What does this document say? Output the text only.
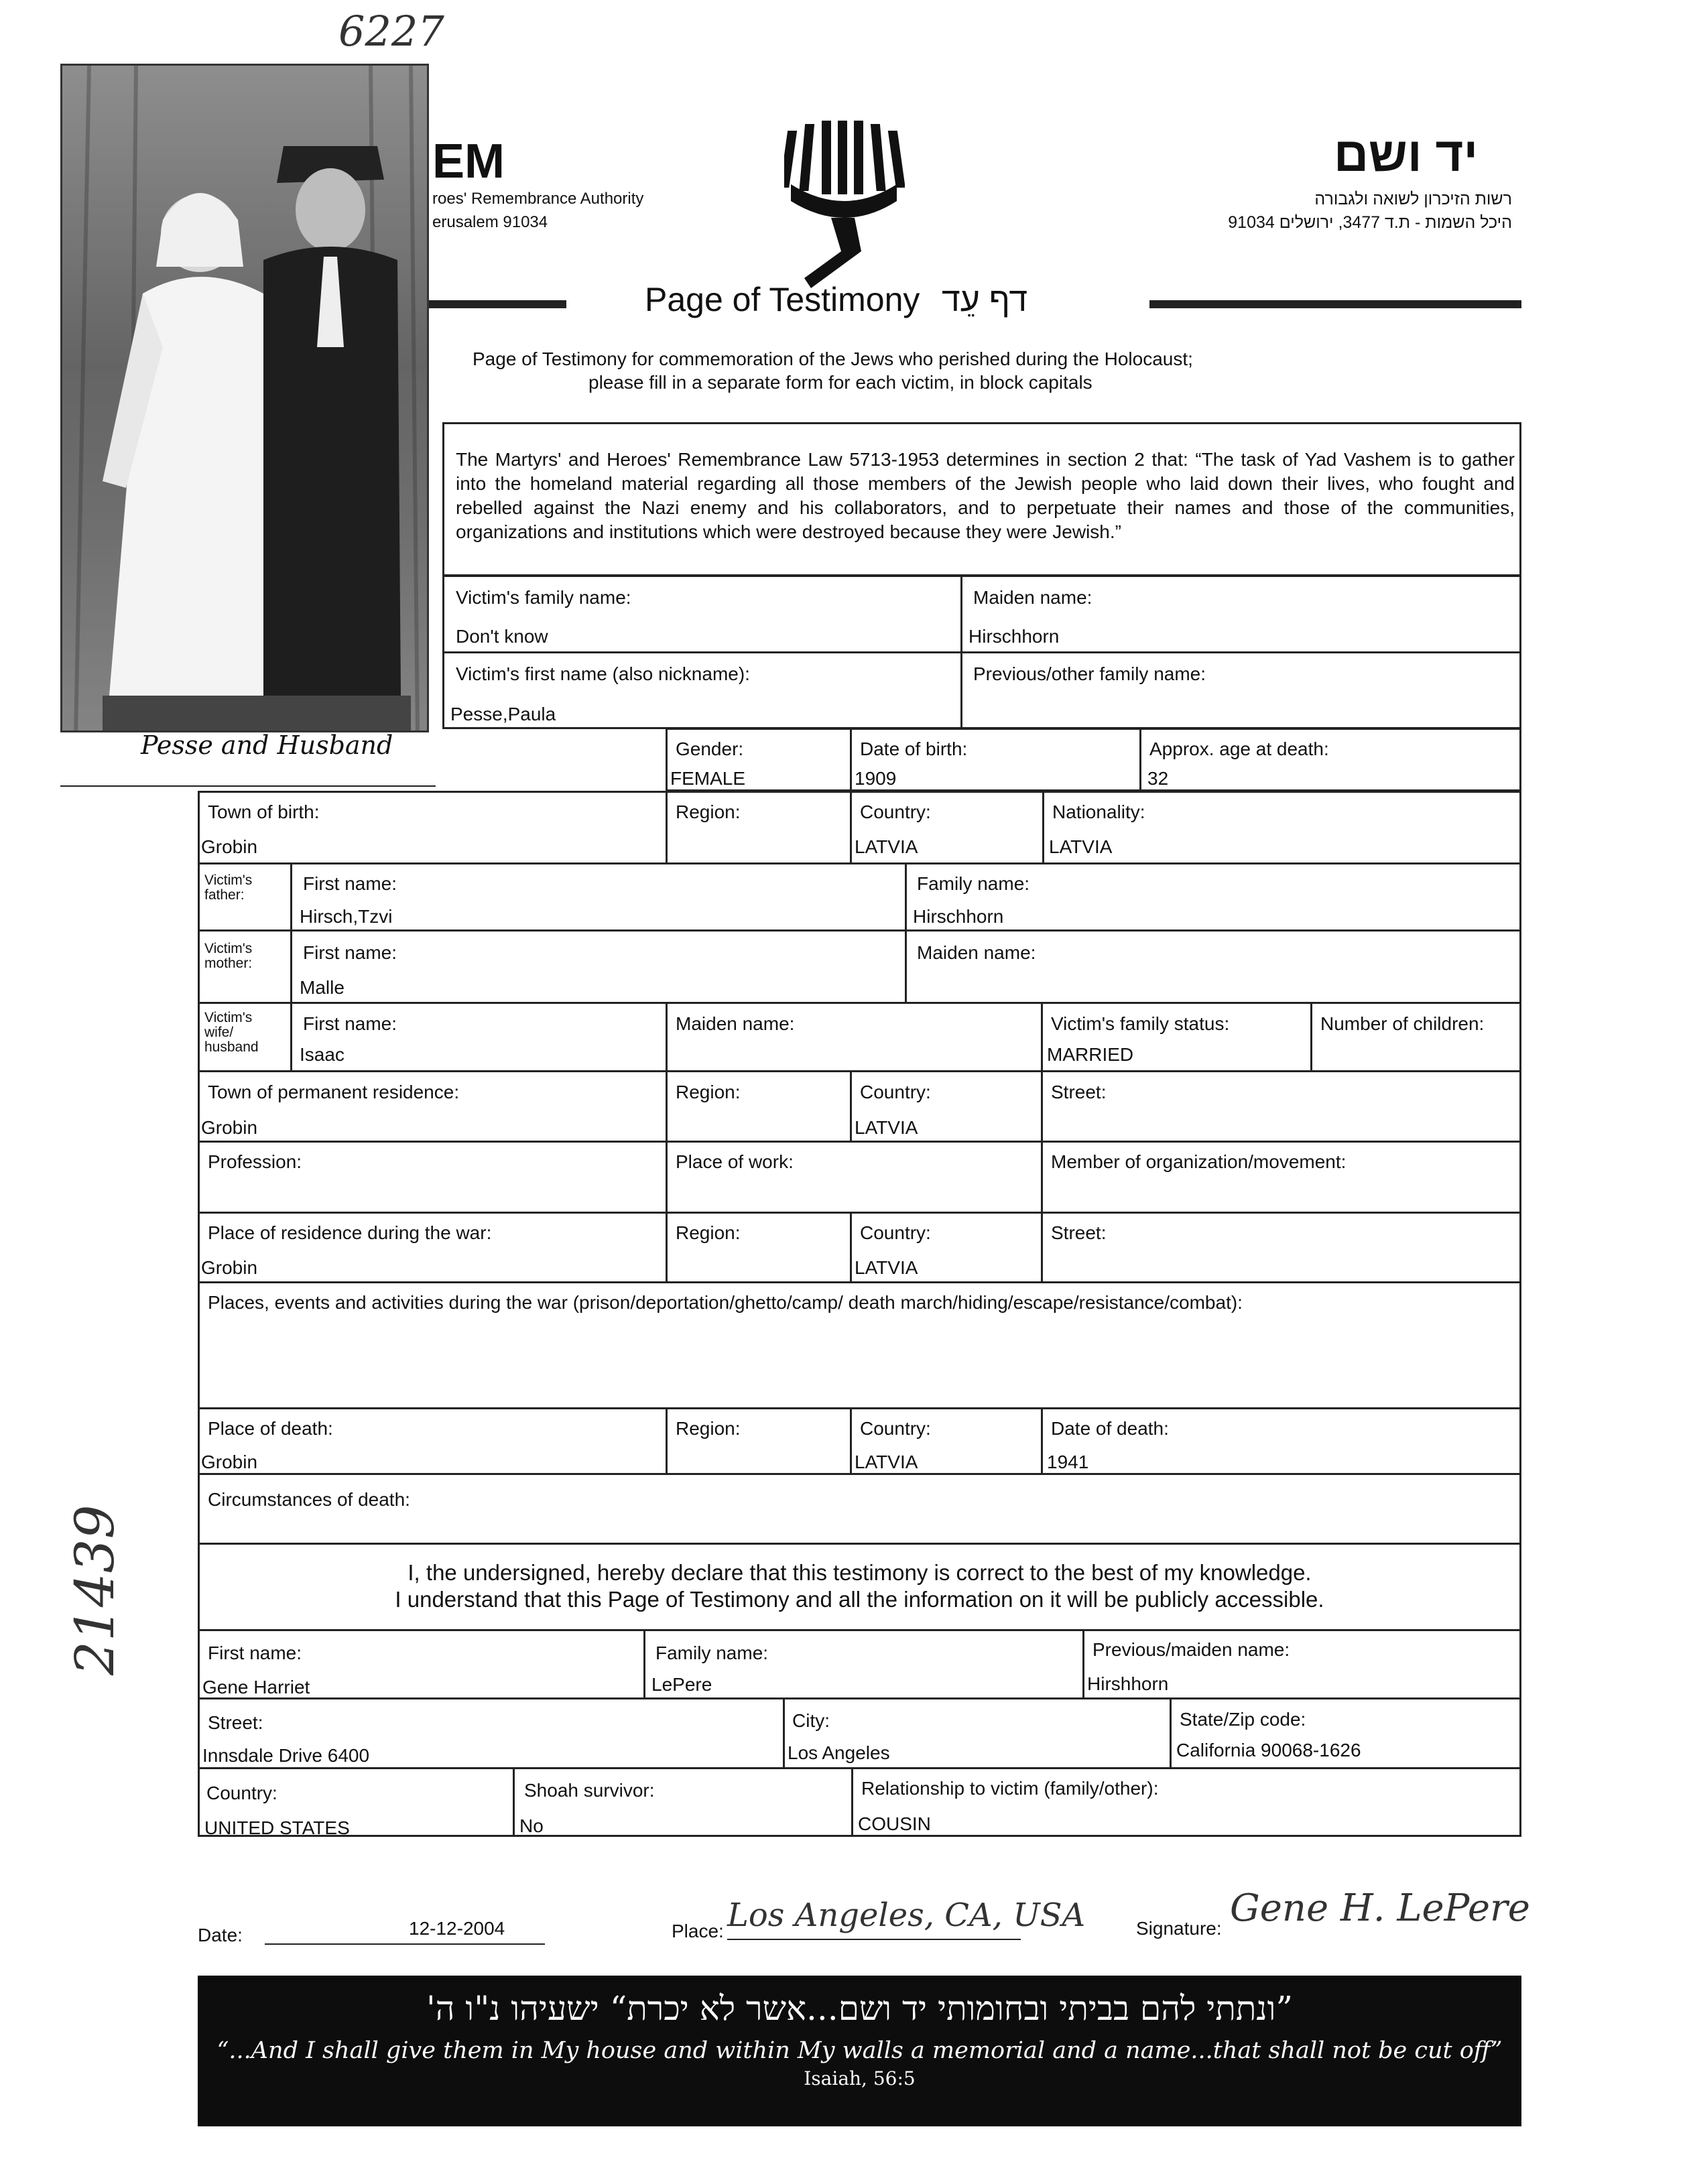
6227
21439
EM
roes' Remembrance Authority
erusalem 91034
יד ושם
רשות הזיכרון לשואה ולגבורה
היכל השמות - ת.ד 3477, ירושלים 91034
Page of Testimony דף עֵד
Page of Testimony for commemoration of the Jews who perished during the Holocaust;
please fill in a separate form for each victim, in block capitals
The Martyrs' and Heroes' Remembrance Law 5713-1953 determines in section 2 that: “The task of Yad Vashem is to gather into the homeland material regarding all those members of the Jewish people who laid down their lives, who fought and rebelled against the Nazi enemy and his collaborators, and to perpetuate their names and those of the communities, organizations and institutions which were destroyed because they were Jewish.”
Victim's family name:
Don't know
Maiden name:
Hirschhorn
Victim's first name (also nickname):
Pesse,Paula
Previous/other family name:
Gender:
FEMALE
Date of birth:
1909
Approx. age at death:
32
Town of birth:
Grobin
Region:	Country:
LATVIA
Nationality:
LATVIA
Victim's father:
First name:
Hirsch,Tzvi
Family name:
Hirschhorn
Victim's mother:
First name:
Malle
Maiden name:
Victim's wife/ husband
First name:
Isaac
Maiden name:	Victim's family status:
MARRIED
Number of children:
Town of permanent residence:
Grobin
Region:	Country:
LATVIA
Street:
Profession:	Place of work:	Member of organization/movement:
Place of residence during the war:
Grobin
Region:	Country:
LATVIA
Street:
Places, events and activities during the war (prison/deportation/ghetto/camp/ death march/hiding/escape/resistance/combat):
Place of death:
Grobin
Region:	Country:
LATVIA
Date of death:
1941
Circumstances of death:
I, the undersigned, hereby declare that this testimony is correct to the best of my knowledge.
I understand that this Page of Testimony and all the information on it will be publicly accessible.
First name:
Gene Harriet
Family name:
LePere
Previous/maiden name:
Hirshhorn
Street:
Innsdale Drive 6400
City:
Los Angeles
State/Zip code:
California 90068-1626
Country:
UNITED STATES
Shoah survivor:
No
Relationship to victim (family/other):
COUSIN
Date:	12-12-2004	Place: Los Angeles, CA, USA	Signature: Gene H. LePere
”ונתתי להם בביתי ובחומותי יד ושם...אשר לא יכרת“ ישעיהו נ"ו ה'
“...And I shall give them in My house and within My walls a memorial and a name...that shall not be cut off” Isaiah, 56:5
Pesse and Husband
